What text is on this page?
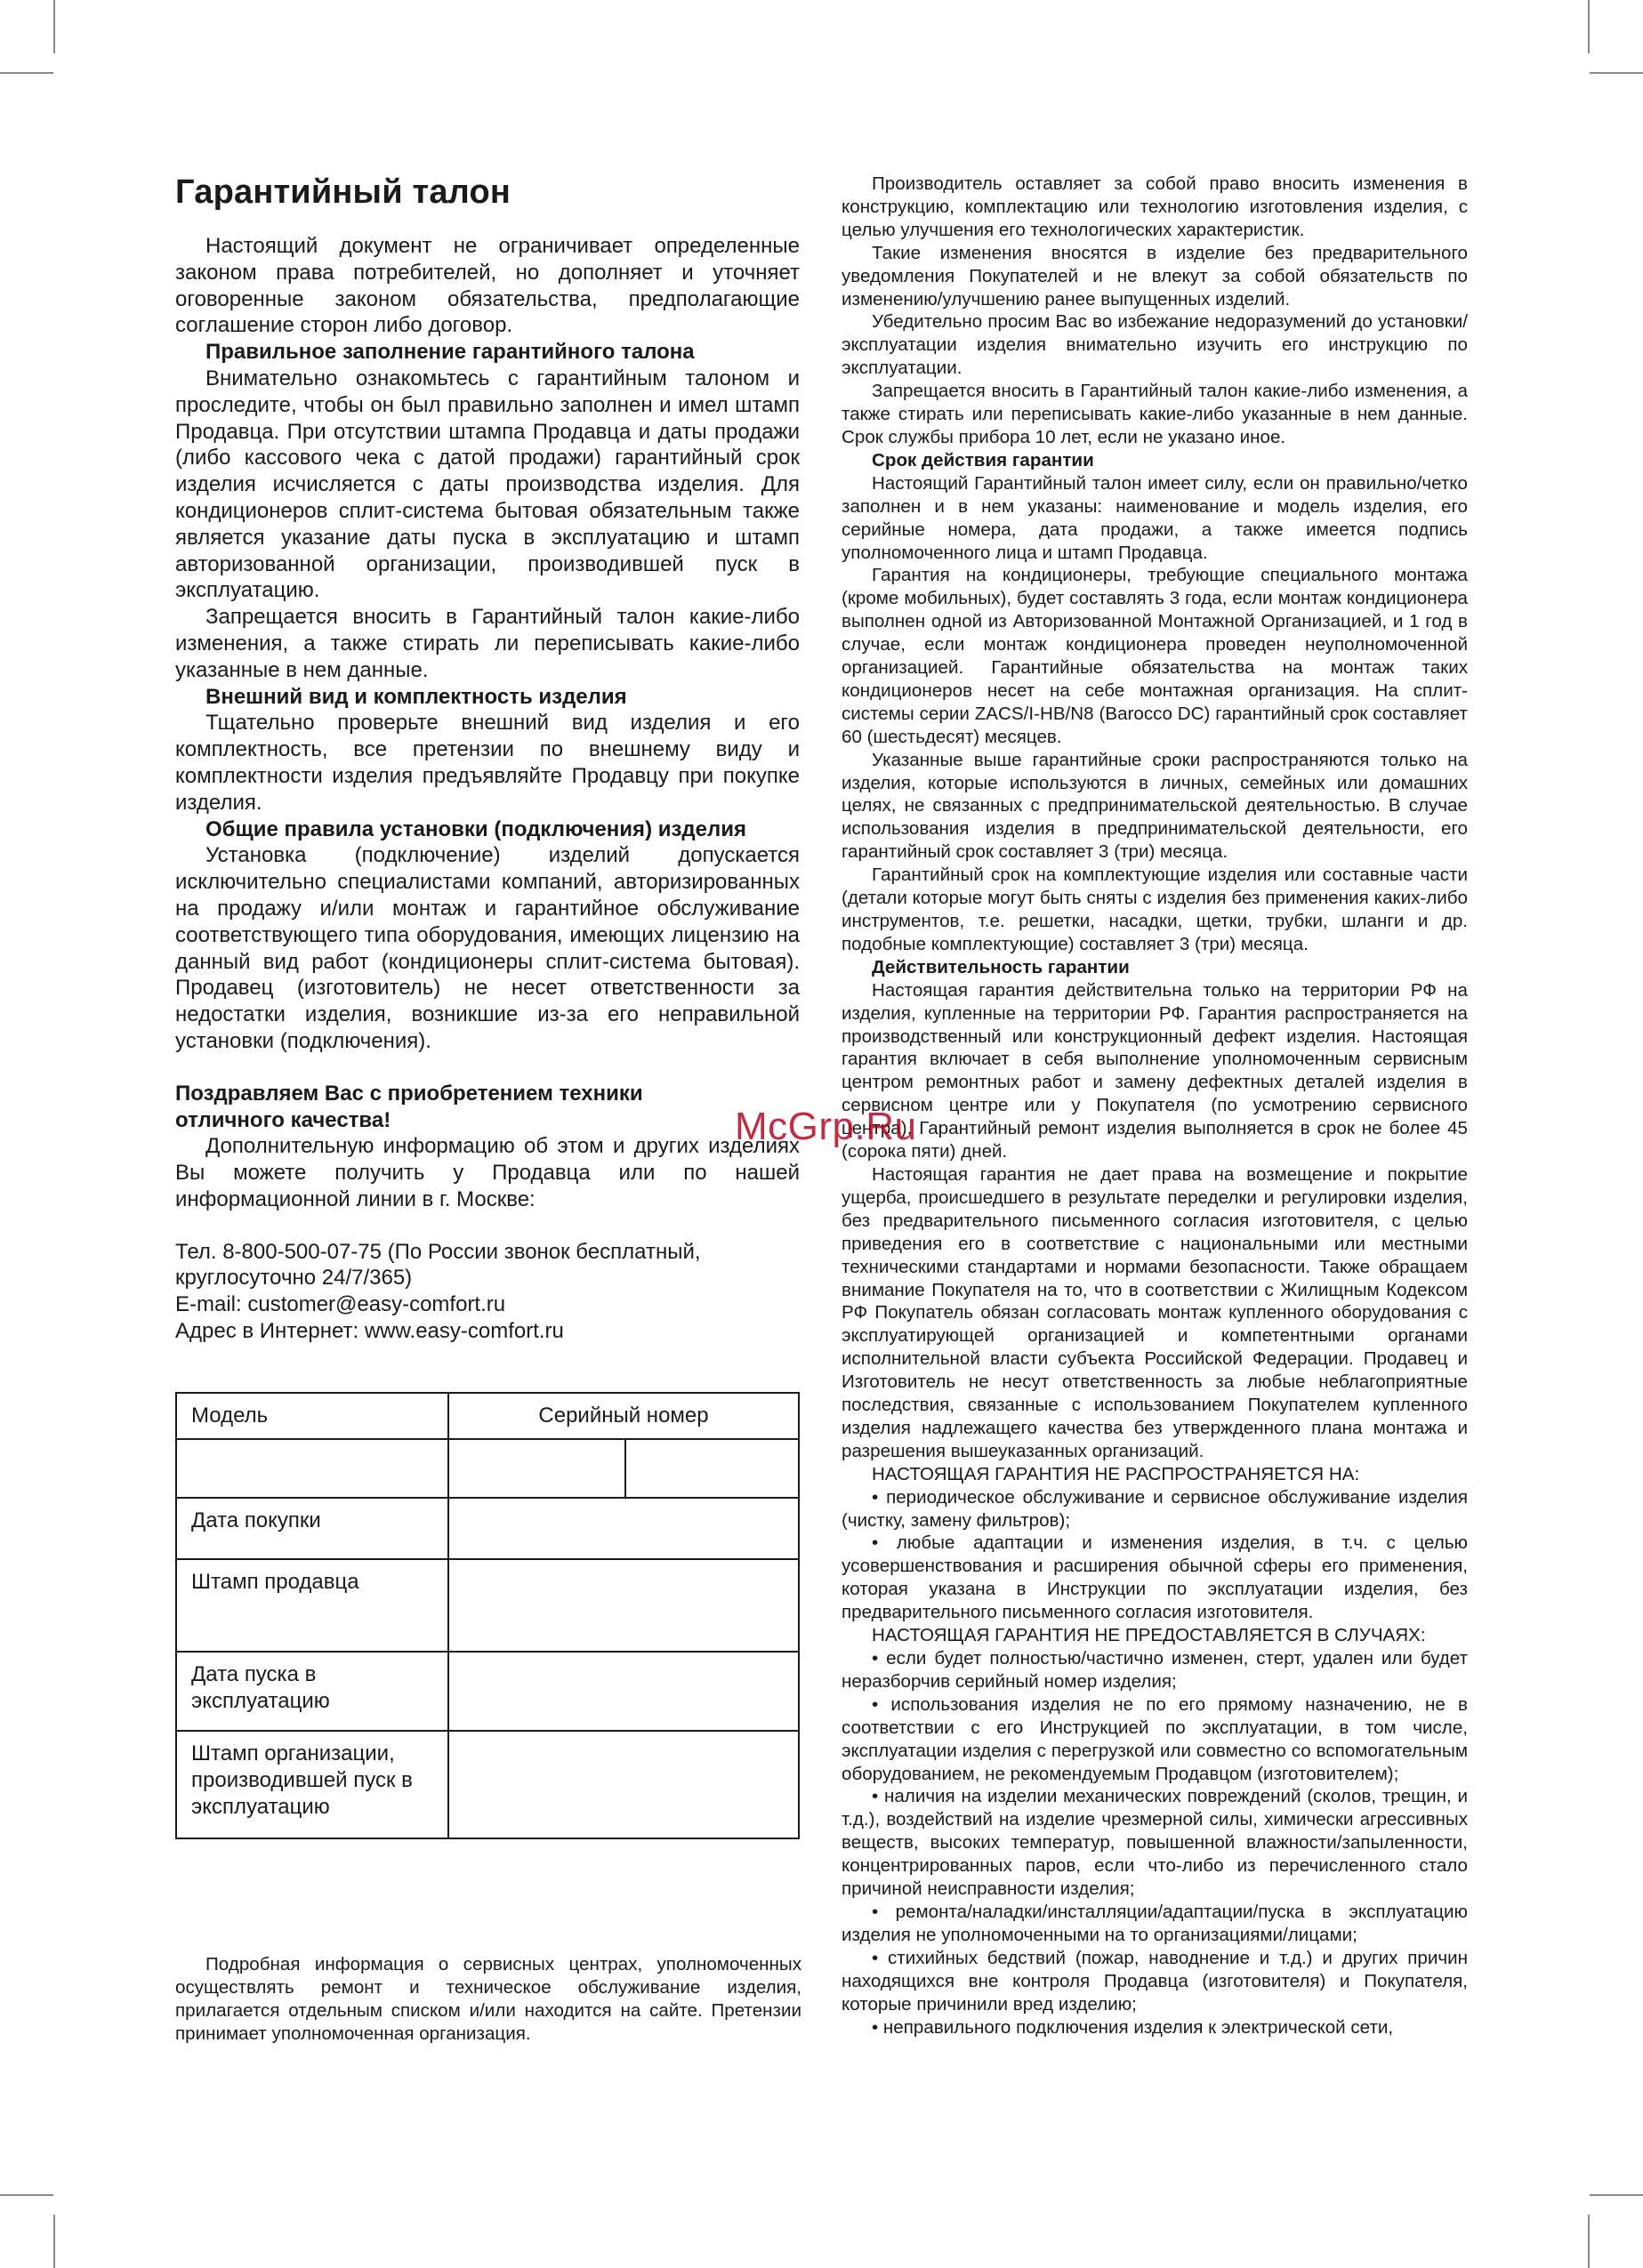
Гарантийный талон

Настоящий документ не ограничивает определенные законом права потребителей, но дополняет и уточняет оговоренные законом обязательства, предполагающие соглашение сторон либо договор.

Правильное заполнение гарантийного талона

Внимательно ознакомьтесь с гарантийным талоном и проследите, чтобы он был правильно заполнен и имел штамп Продавца. При отсутствии штампа Продавца и даты продажи (либо кассового чека с датой продажи) гарантийный срок изделия исчисляется с даты производства изделия. Для кондиционеров сплит-система бытовая обязательным также является указание даты пуска в эксплуатацию и штамп авторизованной организации, производившей пуск в эксплуатацию.

Запрещается вносить в Гарантийный талон какие-либо изменения, а также стирать ли переписывать какие-либо указанные в нем данные.

Внешний вид и комплектность изделия

Тщательно проверьте внешний вид изделия и его комплектность, все претензии по внешнему виду и комплектности изделия предъявляйте Продавцу при покупке изделия.

Общие правила установки (подключения) изделия

Установка (подключение) изделий допускается исключительно специалистами компаний, авторизированных на продажу и/или монтаж и гарантийное обслуживание соответствующего типа оборудования, имеющих лицензию на данный вид работ (кондиционеры сплит-система бытовая). Продавец (изготовитель) не несет ответственности за недостатки изделия, возникшие из-за его неправильной установки (подключения).

Поздравляем Вас с приобретением техники

отличного качества!

Дополнительную информацию об этом и других изделиях Вы можете получить у Продавца или по нашей информационной линии в г. Москве:

Тел. 8-800-500-07-75 (По России звонок бесплатный, круглосуточно 24/7/365)

E-mail: customer@easy-comfort.ru

Адрес в Интернет: www.easy-comfort.ru

Модель	Серийный номер	

Дата покупки		
Штамп продавца		
Дата пуска в эксплуатацию		
Штамп организации, производившей пуск в эксплуатацию		

Подробная информация о сервисных центрах, уполномоченных осуществлять ремонт и техническое обслуживание изделия, прилагается отдельным списком и/или находится на сайте. Претензии принимает уполномоченная организация.

Производитель оставляет за собой право вносить изменения в конструкцию, комплектацию или технологию изготовления изделия, с целью улучшения его технологических характеристик.

Такие изменения вносятся в изделие без предварительного уведомления Покупателей и не влекут за собой обязательств по изменению/улучшению ранее выпущенных изделий.

Убедительно просим Вас во избежание недоразумений до установки/эксплуатации изделия внимательно изучить его инструкцию по эксплуатации.

Запрещается вносить в Гарантийный талон какие-либо изменения, а также стирать или переписывать какие-либо указанные в нем данные. Срок службы прибора 10 лет, если не указано иное.

Срок действия гарантии

Настоящий Гарантийный талон имеет силу, если он правильно/четко заполнен и в нем указаны: наименование и модель изделия, его серийные номера, дата продажи, а также имеется подпись уполномоченного лица и штамп Продавца.

Гарантия на кондиционеры, требующие специального монтажа (кроме мобильных), будет составлять 3 года, если монтаж кондиционера выполнен одной из Авторизованной Монтажной Организацией, и 1 год в случае, если монтаж кондиционера проведен неуполномоченной организацией. Гарантийные обязательства на монтаж таких кондиционеров несет на себе монтажная организация. На сплит-системы серии ZACS/I-HB/N8 (Barocco DC) гарантийный срок составляет 60 (шестьдесят) месяцев.

Указанные выше гарантийные сроки распространяются только на изделия, которые используются в личных, семейных или домашних целях, не связанных с предпринимательской деятельностью. В случае использования изделия в предпринимательской деятельности, его гарантийный срок составляет 3 (три) месяца.

Гарантийный срок на комплектующие изделия или составные части (детали которые могут быть сняты с изделия без применения каких-либо инструментов, т.е. решетки, насадки, щетки, трубки, шланги и др. подобные комплектующие) составляет 3 (три) месяца.

Действительность гарантии

Настоящая гарантия действительна только на территории РФ на изделия, купленные на территории РФ. Гарантия распространяется на производственный или конструкционный дефект изделия. Настоящая гарантия включает в себя выполнение уполномоченным сервисным центром ремонтных работ и замену дефектных деталей изделия в сервисном центре или у Покупателя (по усмотрению сервисного центра). Гарантийный ремонт изделия выполняется в срок не более 45 (сорока пяти) дней.

Настоящая гарантия не дает права на возмещение и покрытие ущерба, происшедшего в результате переделки и регулировки изделия, без предварительного письменного согласия изготовителя, с целью приведения его в соответствие с национальными или местными техническими стандартами и нормами безопасности. Также обращаем внимание Покупателя на то, что в соответствии с Жилищным Кодексом РФ Покупатель обязан согласовать монтаж купленного оборудования с эксплуатирующей организацией и компетентными органами исполнительной власти субъекта Российской Федерации. Продавец и Изготовитель не несут ответственность за любые неблагоприятные последствия, связанные с использованием Покупателем купленного изделия надлежащего качества без утвержденного плана монтажа и разрешения вышеуказанных организаций.

НАСТОЯЩАЯ ГАРАНТИЯ НЕ РАСПРОСТРАНЯЕТСЯ НА:

• периодическое обслуживание и сервисное обслуживание изделия (чистку, замену фильтров);

• любые адаптации и изменения изделия, в т.ч. с целью усовершенствования и расширения обычной сферы его применения, которая указана в Инструкции по эксплуатации изделия, без предварительного письменного согласия изготовителя.

НАСТОЯЩАЯ ГАРАНТИЯ НЕ ПРЕДОСТАВЛЯЕТСЯ В СЛУЧАЯХ:

• если будет полностью/частично изменен, стерт, удален или будет неразборчив серийный номер изделия;

• использования изделия не по его прямому назначению, не в соответствии с его Инструкцией по эксплуатации, в том числе, эксплуатации изделия с перегрузкой или совместно со вспомогательным оборудованием, не рекомендуемым Продавцом (изготовителем);

• наличия на изделии механических повреждений (сколов, трещин, и т.д.), воздействий на изделие чрезмерной силы, химически агрессивных веществ, высоких температур, повышенной влажности/запыленности, концентрированных паров, если что-либо из перечисленного стало причиной неисправности изделия;

• ремонта/наладки/инсталляции/адаптации/пуска в эксплуатацию изделия не уполномоченными на то организациями/лицами;

• стихийных бедствий (пожар, наводнение и т.д.) и других причин находящихся вне контроля Продавца (изготовителя) и Покупателя, которые причинили вред изделию;

• неправильного подключения изделия к электрической сети,

McGrp.Ru
